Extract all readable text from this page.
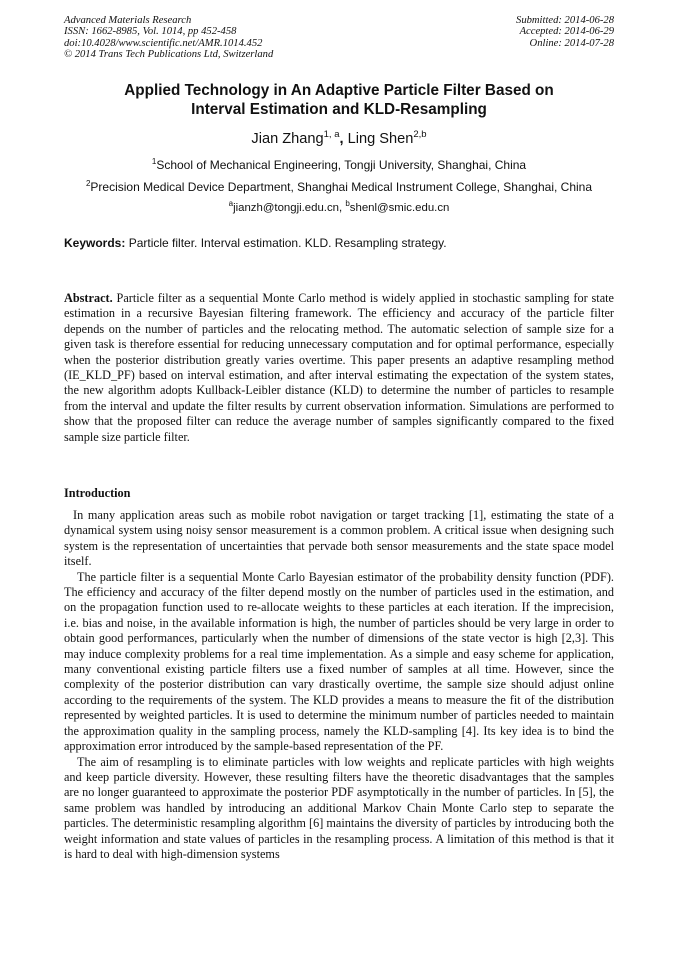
Advanced Materials Research
ISSN: 1662-8985, Vol. 1014, pp 452-458
doi:10.4028/www.scientific.net/AMR.1014.452
© 2014 Trans Tech Publications Ltd, Switzerland
Submitted: 2014-06-28
Accepted: 2014-06-29
Online: 2014-07-28
Applied Technology in An Adaptive Particle Filter Based on
Interval Estimation and KLD-Resampling
Jian Zhang$^{1, a}$, Ling Shen$^{2,b}$
$^1$School of Mechanical Engineering, Tongji University, Shanghai, China
$^2$Precision Medical Device Department, Shanghai Medical Instrument College, Shanghai, China
$^a$jianzh@tongji.edu.cn, $^b$shenl@smic.edu.cn
Keywords: Particle filter. Interval estimation. KLD. Resampling strategy.
Abstract. Particle filter as a sequential Monte Carlo method is widely applied in stochastic sampling for state estimation in a recursive Bayesian filtering framework. The efficiency and accuracy of the particle filter depends on the number of particles and the relocating method. The automatic selection of sample size for a given task is therefore essential for reducing unnecessary computation and for optimal performance, especially when the posterior distribution greatly varies overtime. This paper presents an adaptive resampling method (IE_KLD_PF) based on interval estimation, and after interval estimating the expectation of the system states, the new algorithm adopts Kullback-Leibler distance (KLD) to determine the number of particles to resample from the interval and update the filter results by current observation information. Simulations are performed to show that the proposed filter can reduce the average number of samples significantly compared to the fixed sample size particle filter.
Introduction

In many application areas such as mobile robot navigation or target tracking [1], estimating the state of a dynamical system using noisy sensor measurement is a common problem. A critical issue when designing such system is the representation of uncertainties that pervade both sensor measurements and the state space model itself.

The particle filter is a sequential Monte Carlo Bayesian estimator of the probability density function (PDF). The efficiency and accuracy of the filter depend mostly on the number of particles used in the estimation, and on the propagation function used to re-allocate weights to these particles at each iteration. If the imprecision, i.e. bias and noise, in the available information is high, the number of particles should be very large in order to obtain good performances, particularly when the number of dimensions of the state vector is high [2,3]. This may induce complexity problems for a real time implementation. As a simple and easy scheme for application, many conventional existing particle filters use a fixed number of samples at all time. However, since the complexity of the posterior distribution can vary drastically overtime, the sample size should adjust online according to the requirements of the system. The KLD provides a means to measure the fit of the distribution represented by weighted particles. It is used to determine the minimum number of particles needed to maintain the approximation quality in the sampling process, namely the KLD-sampling [4]. Its key idea is to bind the approximation error introduced by the sample-based representation of the PF.

The aim of resampling is to eliminate particles with low weights and replicate particles with high weights and keep particle diversity. However, these resulting filters have the theoretic disadvantages that the samples are no longer guaranteed to approximate the posterior PDF asymptotically in the number of particles. In [5], the same problem was handled by introducing an additional Markov Chain Monte Carlo step to separate the particles. The deterministic resampling algorithm [6] maintains the diversity of particles by introducing both the weight information and state values of particles in the resampling process. A limitation of this method is that it is hard to deal with high-dimension systems
